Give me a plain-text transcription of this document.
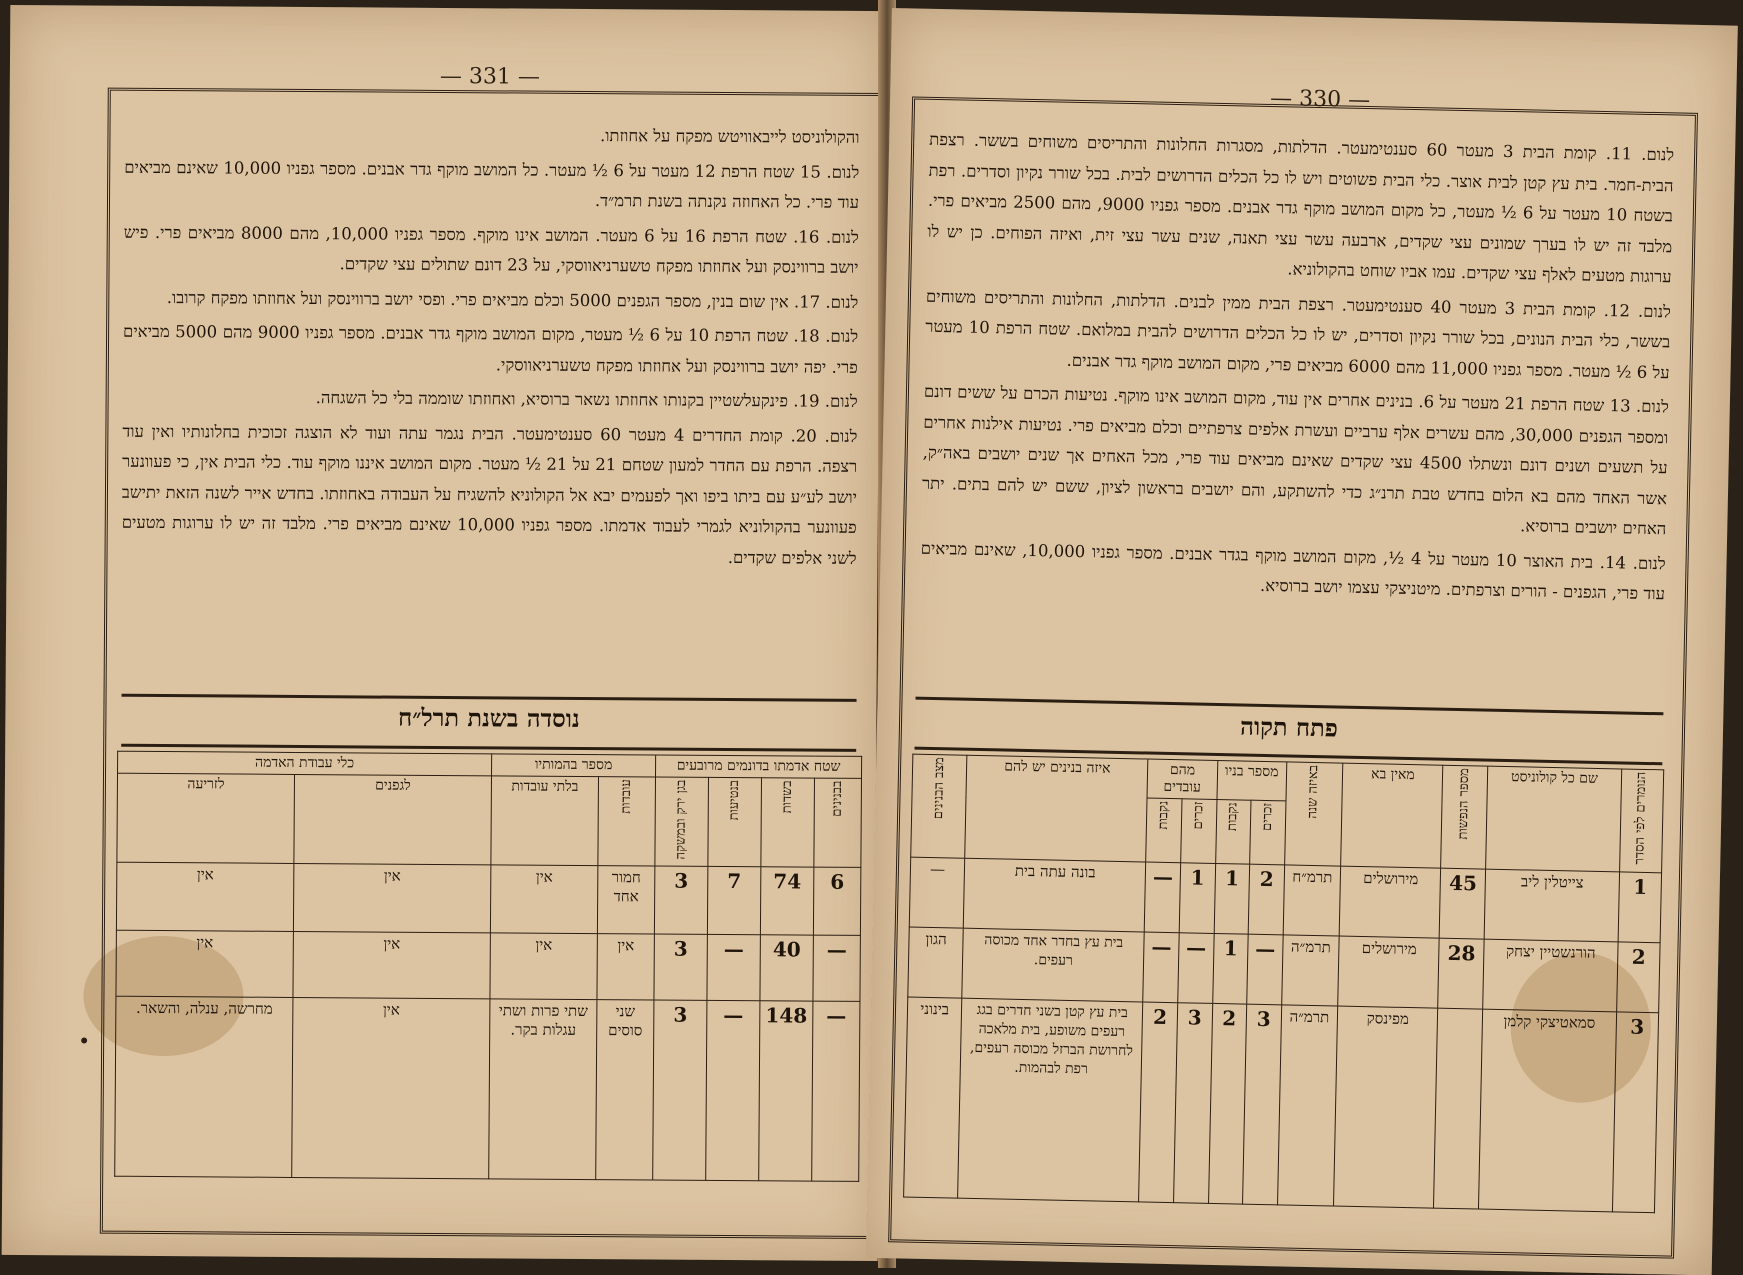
— 331 —

והקולוניסט לייבאוויטש מפקח על אחוזתו.

לנום. 15 שטח הרפת 12 מעטר על 6 ½ מעטר. כל המושב מוקף גדר אבנים. מספר גפניו 10,000 שאינם מביאים עוד פרי. כל האחוזה נקנתה בשנת תרמ״ד.

לנום. 16. שטח הרפת 16 על 6 מעטר. המושב אינו מוקף. מספר גפניו 10,000, מהם 8000 מביאים פרי. פיש יושב ברווינסק ועל אחוזתו מפקח טשערניאווסקי, על 23 דונם שתולים עצי שקדים.

לנום. 17. אין שום בנין, מספר הגפנים 5000 וכלם מביאים פרי. ופסי יושב ברווינסק ועל אחוזתו מפקח קרובו.

לנום. 18. שטח הרפת 10 על 6 ½ מעטר, מקום המושב מוקף גדר אבנים. מספר גפניו 9000 מהם 5000 מביאים פרי. יפה יושב ברווינסק ועל אחוזתו מפקח טשערניאווסקי.

לנום. 19. פינקעלשטיין בקנותו אחוזתו נשאר ברוסיא, ואחוזתו שוממה בלי כל השגחה.

לנום. 20. קומת החדרים 4 מעטר 60 סענטימעטר. הבית נגמר עתה ועוד לא הוצגה זכוכית בחלונותיו ואין עוד רצפה. הרפת עם החדר למעון שטחם 21 על 21 ½ מעטר. מקום המושב איננו מוקף עוד. כלי הבית אין, כי פעוונער יושב לע״ע עם ביתו ביפו ואך לפעמים יבא אל הקולוניא להשגיח על העבודה באחוזתו. בחדש אייר לשנה הזאת יתישב פעוונער בהקולוניא לגמרי לעבוד אדמתו. מספר גפניו 10,000 שאינם מביאים פרי. מלבד זה יש לו ערוגות מטעים לשני אלפים שקדים.

נוסדה בשנת תרל״ח
שטח אדמתו בדונמים מרובעים				מספר בהמותיו		כלי עבודת האדמה	
בבנינים	בשדות	בנטיעות	בגן ירק ובמשקה	עובדות	בלתי עובדות	לגפנים	לזריעה
6	74	7	3	חמור אחד	אין	אין	אין
—	40	—	3	אין	אין	אין	אין
—	148	—	3	שני סוסים	שתי פרות ושתי עגלות בקר.	אין	מחרשה, ענלה, והשאר.
— 330 —

לנום. 11. קומת הבית 3 מעטר 60 סענטימעטר. הדלתות, מסגרות החלונות והתריסים משוחים בששר. רצפת הבית-חמר. בית עץ קטן לבית אוצר. כלי הבית פשוטים ויש לו כל הכלים הדרושים לבית. בכל שורר נקיון וסדרים. רפת בשטח 10 מעטר על 6 ½ מעטר, כל מקום המושב מוקף גדר אבנים. מספר גפניו 9000, מהם 2500 מביאים פרי. מלבד זה יש לו בערך שמונים עצי שקדים, ארבעה עשר עצי תאנה, שנים עשר עצי זית, ואיזה הפוחים. כן יש לו ערוגות מטעים לאלף עצי שקדים. עמו אביו שוחט בהקולוניא.

לנום. 12. קומת הבית 3 מעטר 40 סענטימעטר. רצפת הבית ממין לבנים. הדלתות, החלונות והתריסים משוחים בששר, כלי הבית הנונים, בכל שורר נקיון וסדרים, יש לו כל הכלים הדרושים להבית במלואם. שטח הרפת 10 מעטר על 6 ½ מעטר. מספר גפניו 11,000 מהם 6000 מביאים פרי, מקום המושב מוקף גדר אבנים.

לנום. 13 שטח הרפת 21 מעטר על 6. בנינים אחרים אין עוד, מקום המושב אינו מוקף. נטיעות הכרם על ששים דונם ומספר הגפנים 30,000, מהם עשרים אלף ערביים ועשרת אלפים צרפתיים וכלם מביאים פרי. נטיעות אילנות אחרים על תשעים ושנים דונם ונשתלו 4500 עצי שקדים שאינם מביאים עוד פרי, מכל האחים אך שנים יושבים באה״ק, אשר האחד מהם בא הלום בחדש טבת תרנ״ג כדי להשתקע, והם יושבים בראשון לציון, ששם יש להם בתים. יתר האחים יושבים ברוסיא.

לנום. 14. בית האוצר 10 מעטר על 4 ½, מקום המושב מוקף בגדר אבנים. מספר גפניו 10,000, שאינם מביאים עוד פרי, הגפנים - הורים וצרפתים. מיטניצקי עצמו יושב ברוסיא.

פתח תקוה
הנומרים לפי הסדר	שם כל קולוניסט	מספר הנפשות	מאין בא	באיזה שנה	מספר בניו		מהם עובדים		איזה בנינים יש להם	מצב הבנינים
					זכרים	נקבות	זכרים	נקבות		
1	צייטלין ליב	45	מירושלים	תרמ״ח	2	1	1	—	בונה עתה בית	—
2	הורנשטיין יצחק	28	מירושלים	תרמ״ה	—	1	—	—	בית עץ בחדר אחד מכוסה רעפים.	הגון
3	סמאטיצקי קלמן		מפינסק	תרמ״ה	3	2	3	2	בית עץ קטן בשני חדרים בגג רעפים משופע, בית מלאכה לחרושת הברזל מכוסה רעפים, רפת לבהמות.	בינוני
